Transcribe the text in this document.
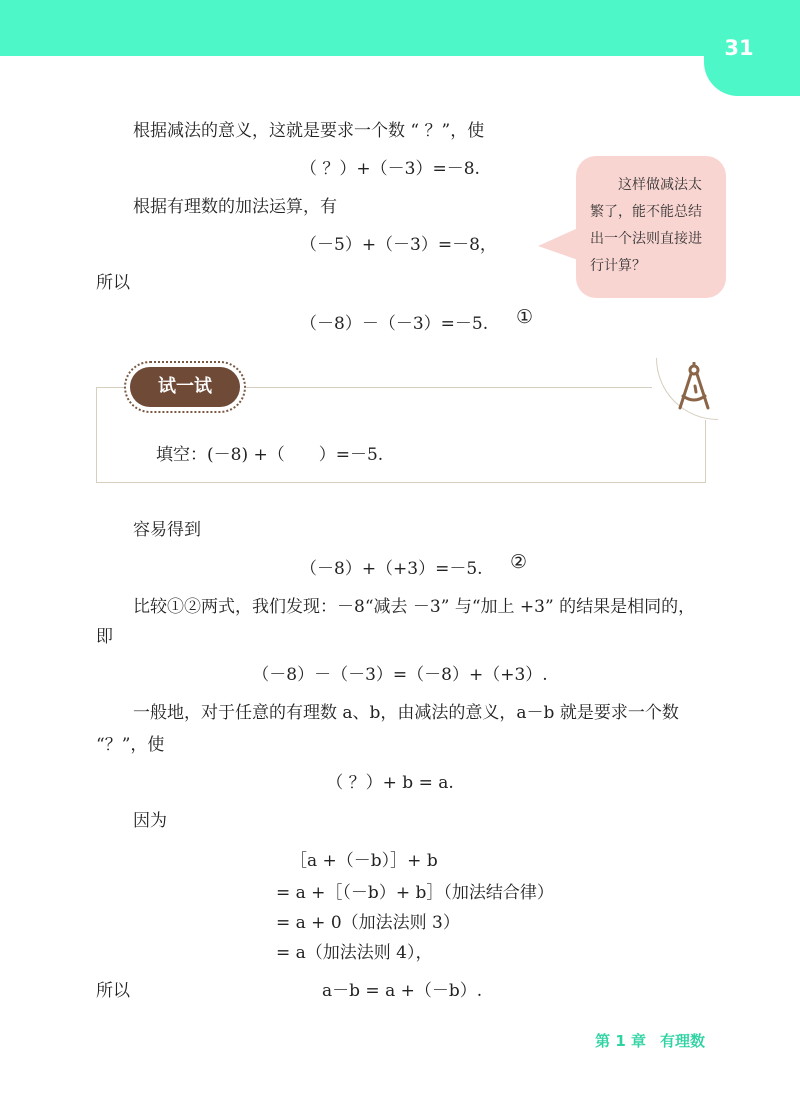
31
根据减法的意义，这就是要求一个数 “ ？”，使
（ ？）+（－3）=－8.
根据有理数的加法运算，有
（－5）+（－3）=－8，
所以
（－8）－（－3）=－5. ①
这样做减法太繁了，能不能总结出一个法则直接进行计算？
试一试
填空：(－8) +（　　）=－5.
容易得到
（－8）+（+3）=－5. ②
比较①②两式，我们发现：－8“减去 －3” 与“加上 +3” 的结果是相同的，
即
（－8）－（－3）=（－8）+（+3）.
一般地，对于任意的有理数 a、b，由减法的意义，a－b 就是要求一个数
“？”，使
（ ？）+ b = a.
因为
［a +（－b）］+ b
= a +［（－b）+ b］（加法结合律）
= a + 0（加法法则 3）
= a（加法法则 4），
所以	a－b = a +（－b）.
第 1 章 有理数
